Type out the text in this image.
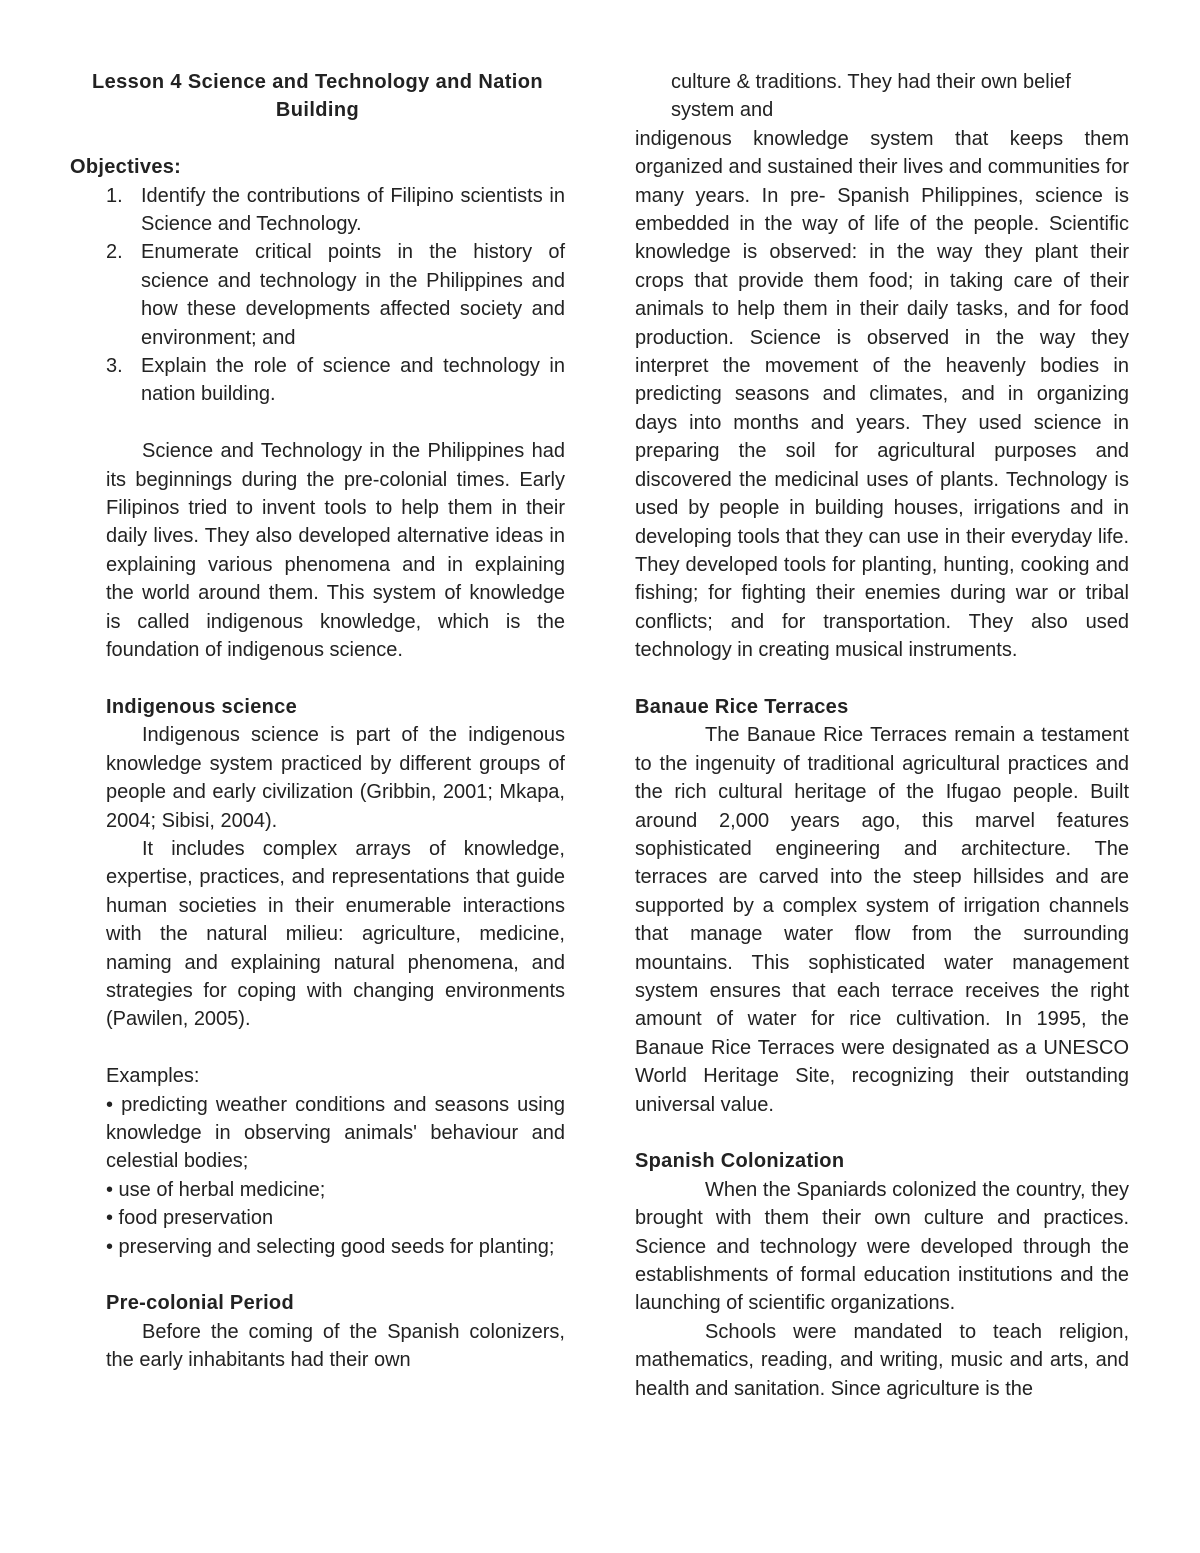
Lesson 4 Science and Technology and Nation Building

Objectives:

1. Identify the contributions of Filipino scientists in Science and Technology.
2. Enumerate critical points in the history of science and technology in the Philippines and how these developments affected society and environment; and
3. Explain the role of science and technology in nation building.

Science and Technology in the Philippines had its beginnings during the pre-colonial times. Early Filipinos tried to invent tools to help them in their daily lives. They also developed alternative ideas in explaining various phenomena and in explaining the world around them. This system of knowledge is called indigenous knowledge, which is the foundation of indigenous science.

Indigenous science

Indigenous science is part of the indigenous knowledge system practiced by different groups of people and early civilization (Gribbin, 2001; Mkapa, 2004; Sibisi, 2004).

It includes complex arrays of knowledge, expertise, practices, and representations that guide human societies in their enumerable interactions with the natural milieu: agriculture, medicine, naming and explaining natural phenomena, and strategies for coping with changing environments (Pawilen, 2005).

Examples:

• predicting weather conditions and seasons using knowledge in observing animals' behaviour and celestial bodies;

• use of herbal medicine;

• food preservation

• preserving and selecting good seeds for planting;

Pre-colonial Period

Before the coming of the Spanish colonizers, the early inhabitants had their own

culture & traditions. They had their own belief system and

indigenous knowledge system that keeps them organized and sustained their lives and communities for many years. In pre- Spanish Philippines, science is embedded in the way of life of the people. Scientific knowledge is observed: in the way they plant their crops that provide them food; in taking care of their animals to help them in their daily tasks, and for food production. Science is observed in the way they interpret the movement of the heavenly bodies in predicting seasons and climates, and in organizing days into months and years. They used science in preparing the soil for agricultural purposes and discovered the medicinal uses of plants. Technology is used by people in building houses, irrigations and in developing tools that they can use in their everyday life. They developed tools for planting, hunting, cooking and fishing; for fighting their enemies during war or tribal conflicts; and for transportation. They also used technology in creating musical instruments.

Banaue Rice Terraces

The Banaue Rice Terraces remain a testament to the ingenuity of traditional agricultural practices and the rich cultural heritage of the Ifugao people. Built around 2,000 years ago, this marvel features sophisticated engineering and architecture. The terraces are carved into the steep hillsides and are supported by a complex system of irrigation channels that manage water flow from the surrounding mountains. This sophisticated water management system ensures that each terrace receives the right amount of water for rice cultivation. In 1995, the Banaue Rice Terraces were designated as a UNESCO World Heritage Site, recognizing their outstanding universal value.

Spanish Colonization

When the Spaniards colonized the country, they brought with them their own culture and practices. Science and technology were developed through the establishments of formal education institutions and the launching of scientific organizations.

Schools were mandated to teach religion, mathematics, reading, and writing, music and arts, and health and sanitation. Since agriculture is the
